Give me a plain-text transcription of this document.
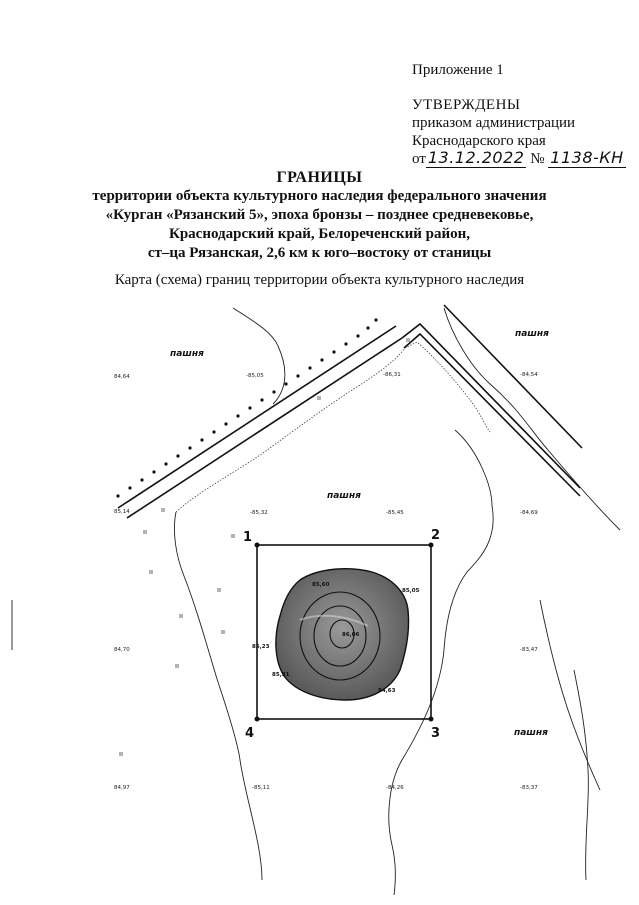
Приложение 1
УТВЕРЖДЕНЫ
приказом администрации
Краснодарского края
от 13.12.2022 № 1138-КН
ГРАНИЦЫ
территории объекта культурного наследия федерального значения
«Курган «Рязанский 5», эпоха бронзы – позднее средневековье,
Краснодарский край, Белореченский район,
ст–ца Рязанская, 2,6 км к юго–востоку от станицы
Карта (схема) границ территории объекта культурного наследия
пашня
пашня
пашня
пашня
84,64	-85,05	-86,31	-84,54
85,14	-85,32	-85,45	-84,69
84,70	-83,47
84,97	-85,11	-84,26	-83,37
85,60
85,05
85,23
85,31
84,63
86,06
1	2
3
4
